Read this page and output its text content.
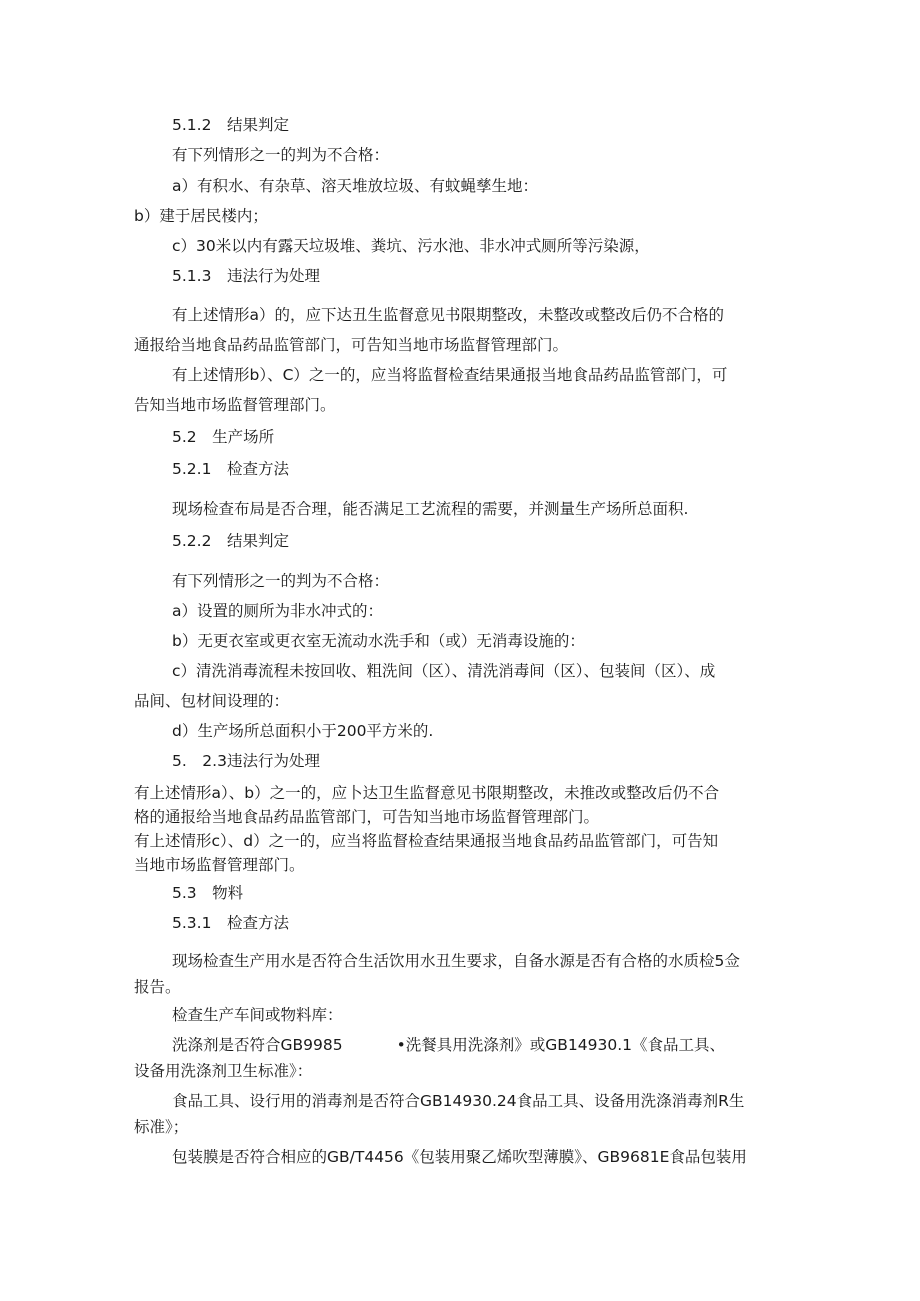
5.1.2　结果判定
有下列情形之一的判为不合格：
a）有积水、有杂草、溶天堆放垃圾、有蚊蝇孳生地：
b）建于居民楼内；
c）30米以内有露天垃圾堆、粪坑、污水池、非水冲式厕所等污染源，
5.1.3　违法行为处理
有上述情形a）的，应下达丑生监督意见书限期整改，未整改或整改后仍不合格的
通报给当地食品药品监管部门，可告知当地市场监督管理部门。
有上述情形b）、C）之一的，应当将监督检查结果通报当地食品药品监管部门，可
告知当地市场监督管理部门。
5.2　生产场所
5.2.1　检查方法
现场检查布局是否合理，能否满足工艺流程的需要，并测量生产场所总面积.
5.2.2　结果判定
有下列情形之一的判为不合格：
a）设置的厕所为非水冲式的：
b）无更衣室或更衣室无流动水洗手和（或）无消毒设施的：
c）清洗消毒流程未按回收、粗洗间（区）、清洗消毒间（区）、包装间（区）、成
品间、包材间设理的：
d）生产场所总面积小于200平方米的.
5.　2.3违法行为处理
有上述情形a）、b）之一的，应卜达卫生监督意见书限期整改，未推改或整改后仍不合
格的通报给当地食品药品监管部门，可告知当地市场监督管理部门。
有上述情形c）、d）之一的，应当将监督检查结果通报当地食品药品监管部门，可告知
当地市场监督管理部门。
5.3　物料
5.3.1　检查方法
现场检查生产用水是否符合生活饮用水丑生要求，自备水源是否有合格的水质检5佥
报告。
检查生产车间或物料库：
洗涤剂是否符合GB9985	•洗餐具用洗涤剂》或GB14930.1《食品工具、
设备用洗涤剂卫生标准》：
食品工具、设行用的消毒剂是否符合GB14930.24食品工具、设备用洗涤消毒剂R生
标准》；
包装膜是否符合相应的GB/T4456《包装用聚乙烯吹型薄膜》、GB9681E食品包装用
